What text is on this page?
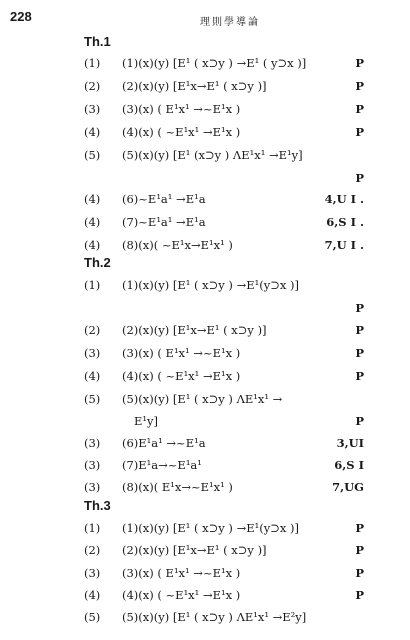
228	理則學導論
Th.1
(1) (1)(x)(y) [E¹ ( x⊃y ) →E¹ ( y⊃x )]	P
(2) (2)(x)(y) [E¹x→E¹ ( x⊃y )]	P
(3) (3)(x) ( E¹x¹ →~E¹x )	P
(4) (4)(x) ( ~E¹x¹ →E¹x )	P
(5) (5)(x)(y) [E¹ (x⊃y ) ΛE¹x¹ →E¹y]
P
(4) (6)~E¹a¹ →E¹a	4,U I .
(4) (7)~E¹a¹ →E¹a	6,S I .
(4) (8)(x)( ~E¹x→E¹x¹ )	7,U I .
Th.2
(1) (1)(x)(y) [E¹ ( x⊃y ) →E¹(y⊃x )]
P
(2) (2)(x)(y) [E¹x→E¹ ( x⊃y )]	P
(3) (3)(x) ( E¹x¹ →~E¹x )	P
(4) (4)(x) ( ~E¹x¹ →E¹x )	P
(5) (5)(x)(y) [E¹ ( x⊃y ) ΛE¹x¹ →
E¹y]	P
(3) (6)E¹a¹ →~E¹a	3,UI
(3) (7)E¹a→~E¹a¹	6,S I
(3) (8)(x)( E¹x→~E¹x¹ )	7,UG
Th.3
(1) (1)(x)(y) [E¹ ( x⊃y ) →E¹(y⊃x )]	P
(2) (2)(x)(y) [E¹x→E¹ ( x⊃y )]	P
(3) (3)(x) ( E¹x¹ →~E¹x )	P
(4) (4)(x) ( ~E¹x¹ →E¹x )	P
(5) (5)(x)(y) [E¹ ( x⊃y ) ΛE¹x¹ →E²y]
